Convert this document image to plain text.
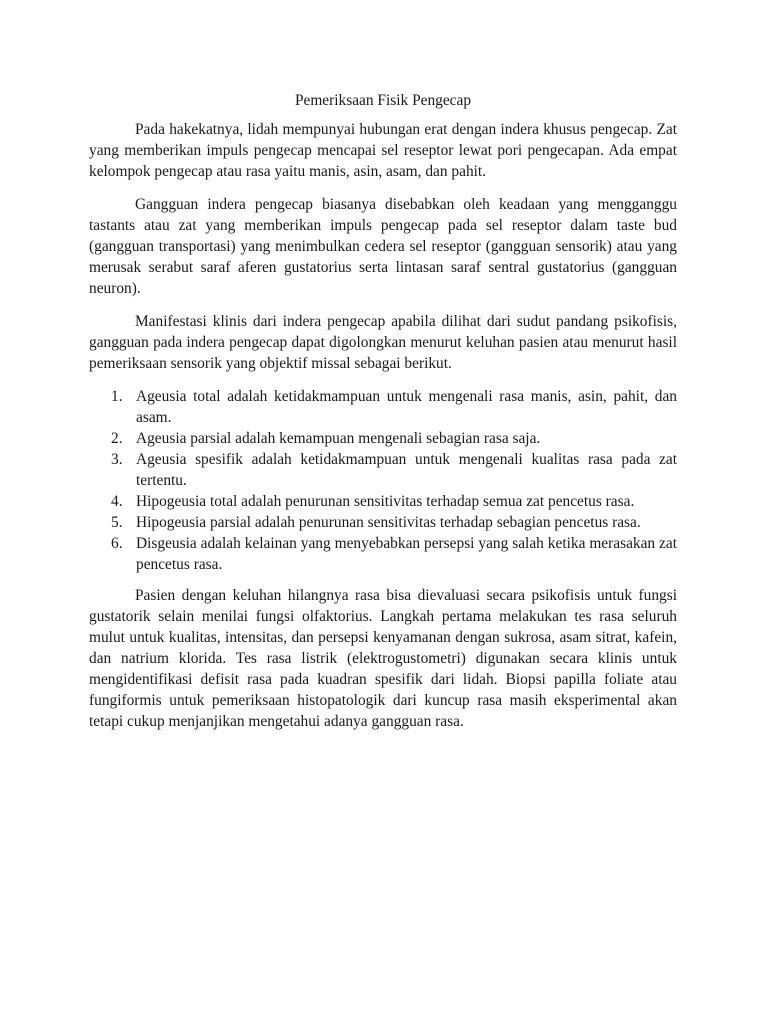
Pemeriksaan Fisik Pengecap

Pada hakekatnya, lidah mempunyai hubungan erat dengan indera khusus pengecap. Zat yang memberikan impuls pengecap mencapai sel reseptor lewat pori pengecapan. Ada empat kelompok pengecap atau rasa yaitu manis, asin, asam, dan pahit.

Gangguan indera pengecap biasanya disebabkan oleh keadaan yang mengganggu tastants atau zat yang memberikan impuls pengecap pada sel reseptor dalam taste bud (gangguan transportasi) yang menimbulkan cedera sel reseptor (gangguan sensorik) atau yang merusak serabut saraf aferen gustatorius serta lintasan saraf sentral gustatorius (gangguan neuron).

Manifestasi klinis dari indera pengecap apabila dilihat dari sudut pandang psikofisis, gangguan pada indera pengecap dapat digolongkan menurut keluhan pasien atau menurut hasil pemeriksaan sensorik yang objektif missal sebagai berikut.

1. Ageusia total adalah ketidakmampuan untuk mengenali rasa manis, asin, pahit, dan asam.
2. Ageusia parsial adalah kemampuan mengenali sebagian rasa saja.
3. Ageusia spesifik adalah ketidakmampuan untuk mengenali kualitas rasa pada zat tertentu.
4. Hipogeusia total adalah penurunan sensitivitas terhadap semua zat pencetus rasa.
5. Hipogeusia parsial adalah penurunan sensitivitas terhadap sebagian pencetus rasa.
6. Disgeusia adalah kelainan yang menyebabkan persepsi yang salah ketika merasakan zat pencetus rasa.

Pasien dengan keluhan hilangnya rasa bisa dievaluasi secara psikofisis untuk fungsi gustatorik selain menilai fungsi olfaktorius. Langkah pertama melakukan tes rasa seluruh mulut untuk kualitas, intensitas, dan persepsi kenyamanan dengan sukrosa, asam sitrat, kafein, dan natrium klorida. Tes rasa listrik (elektrogustometri) digunakan secara klinis untuk mengidentifikasi defisit rasa pada kuadran spesifik dari lidah. Biopsi papilla foliate atau fungiformis untuk pemeriksaan histopatologik dari kuncup rasa masih eksperimental akan tetapi cukup menjanjikan mengetahui adanya gangguan rasa.
